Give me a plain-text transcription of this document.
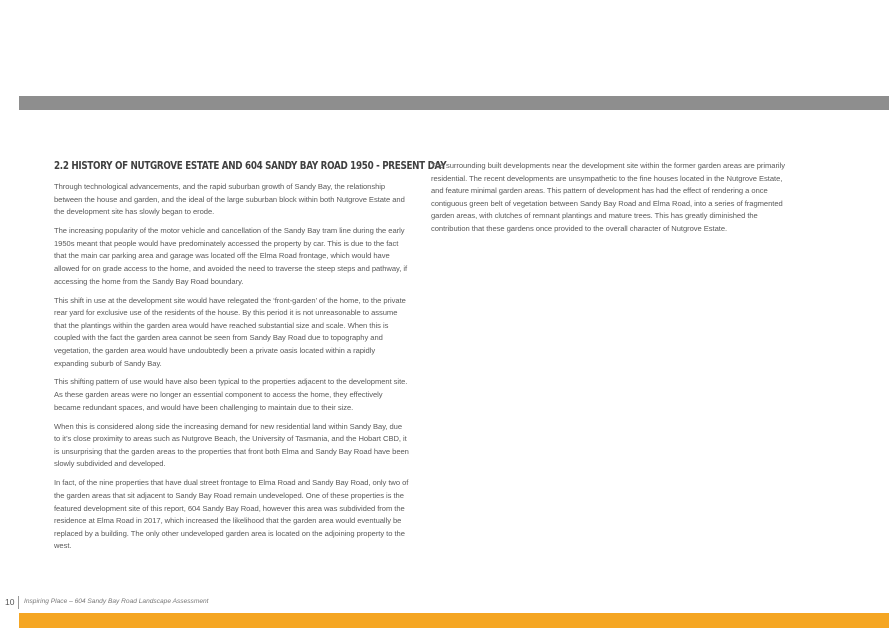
2.2 HISTORY OF NUTGROVE ESTATE AND 604 SANDY BAY ROAD 1950 - PRESENT DAY

Through technological advancements, and the rapid suburban growth of Sandy Bay, the relationship between the house and garden, and the ideal of the large suburban block within both Nutgrove Estate and the development site has slowly began to erode.

The increasing popularity of the motor vehicle and cancellation of the Sandy Bay tram line during the early 1950s meant that people would have predominately accessed the property by car. This is due to the fact that the main car parking area and garage was located off the Elma Road frontage, which would have allowed for on grade access to the home, and avoided the need to traverse the steep steps and pathway, if accessing the home from the Sandy Bay Road boundary.

This shift in use at the development site would have relegated the ‘front-garden’ of the home, to the private rear yard for exclusive use of the residents of the house. By this period it is not unreasonable to assume that the plantings within the garden area would have reached substantial size and scale. When this is coupled with the fact the garden area cannot be seen from Sandy Bay Road due to topography and vegetation, the garden area would have undoubtedly been a private oasis located within a rapidly expanding suburb of Sandy Bay.

This shifting pattern of use would have also been typical to the properties adjacent to the development site. As these garden areas were no longer an essential component to access the home, they effectively became redundant spaces, and would have been challenging to maintain due to their size.

When this is considered along side the increasing demand for new residential land within Sandy Bay, due to it’s close proximity to areas such as Nutgrove Beach, the University of Tasmania, and the Hobart CBD, it is unsurprising that the garden areas to the properties that front both Elma and Sandy Bay Road have been slowly subdivided and developed.

In fact, of the nine properties that have dual street frontage to Elma Road and Sandy Bay Road, only two of the garden areas that sit adjacent to Sandy Bay Road remain undeveloped. One of these properties is the featured development site of this report, 604 Sandy Bay Road, however this area was subdivided from the residence at Elma Road in 2017, which increased the likelihood that the garden area would eventually be replaced by a building. The only other undeveloped garden area is located on the adjoining property to the west.

The surrounding built developments near the development site within the former garden areas are primarily residential. The recent developments are unsympathetic to the fine houses located in the Nutgrove Estate, and feature minimal garden areas. This pattern of development has had the effect of rendering a once contiguous green belt of vegetation between Sandy Bay Road and Elma Road, into a series of fragmented garden areas, with clutches of remnant plantings and mature trees. This has greatly diminished the contribution that these gardens once provided to the overall character of Nutgrove Estate.

10 Inspiring Place – 604 Sandy Bay Road Landscape Assessment
